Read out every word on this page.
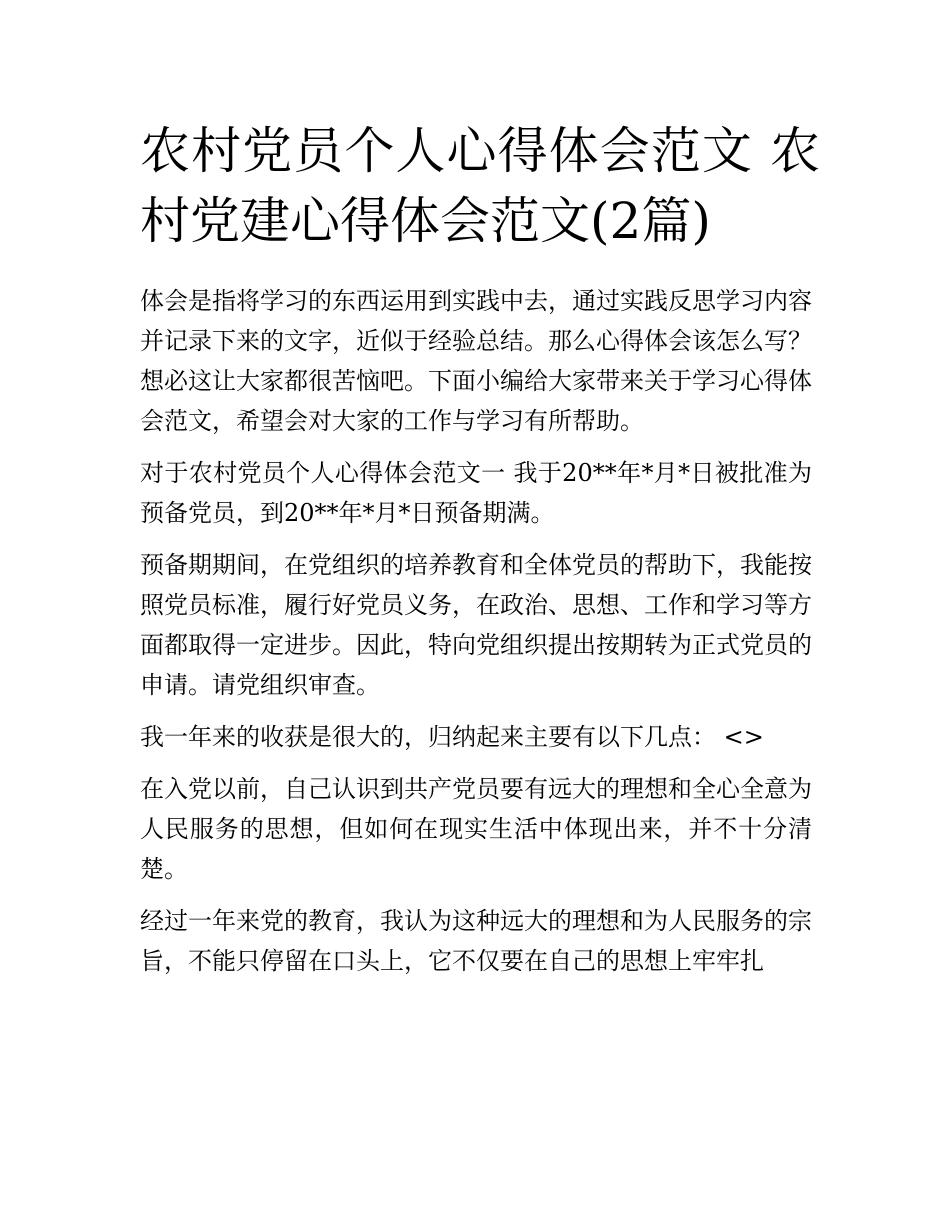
农村党员个人心得体会范文 农村党建心得体会范文(2篇)

体会是指将学习的东西运用到实践中去，通过实践反思学习内容并记录下来的文字，近似于经验总结。那么心得体会该怎么写？想必这让大家都很苦恼吧。下面小编给大家带来关于学习心得体会范文，希望会对大家的工作与学习有所帮助。

对于农村党员个人心得体会范文一 我于20**年*月*日被批准为预备党员，到20**年*月*日预备期满。

预备期期间，在党组织的培养教育和全体党员的帮助下，我能按照党员标准，履行好党员义务，在政治、思想、工作和学习等方面都取得一定进步。因此，特向党组织提出按期转为正式党员的申请。请党组织审查。

我一年来的收获是很大的，归纳起来主要有以下几点： <>

在入党以前，自己认识到共产党员要有远大的理想和全心全意为人民服务的思想，但如何在现实生活中体现出来，并不十分清楚。

经过一年来党的教育，我认为这种远大的理想和为人民服务的宗旨，不能只停留在口头上，它不仅要在自己的思想上牢牢扎
